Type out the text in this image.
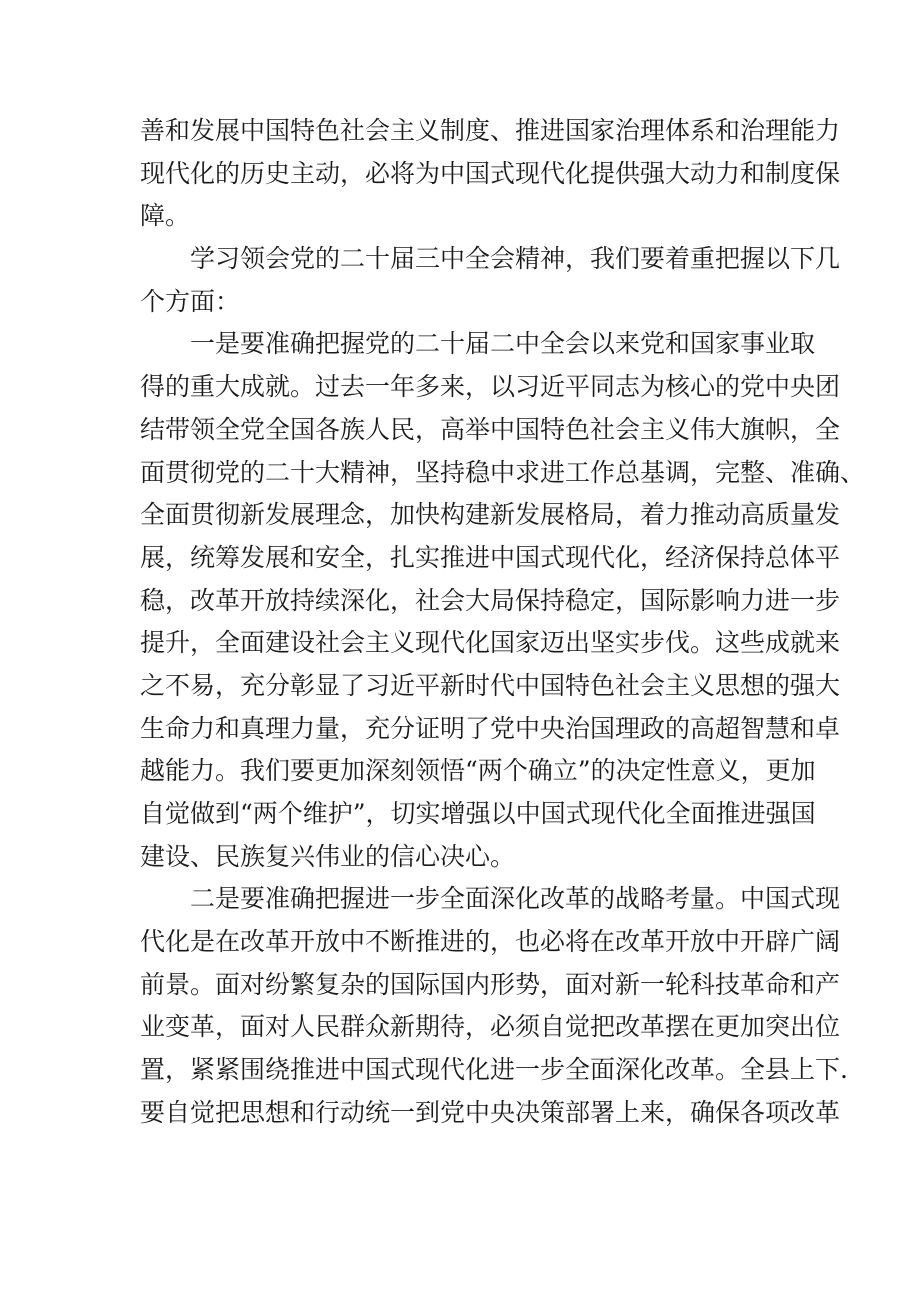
善和发展中国特色社会主义制度、推进国家治理体系和治理能力
现代化的历史主动，必将为中国式现代化提供强大动力和制度保
障。
学习领会党的二十届三中全会精神，我们要着重把握以下几
个方面：
一是要准确把握党的二十届二中全会以来党和国家事业取
得的重大成就。过去一年多来，以习近平同志为核心的党中央团
结带领全党全国各族人民，高举中国特色社会主义伟大旗帜，全
面贯彻党的二十大精神，坚持稳中求进工作总基调，完整、准确、
全面贯彻新发展理念，加快构建新发展格局，着力推动高质量发
展，统筹发展和安全，扎实推进中国式现代化，经济保持总体平
稳，改革开放持续深化，社会大局保持稳定，国际影响力进一步
提升，全面建设社会主义现代化国家迈出坚实步伐。这些成就来
之不易，充分彰显了习近平新时代中国特色社会主义思想的强大
生命力和真理力量，充分证明了党中央治国理政的高超智慧和卓
越能力。我们要更加深刻领悟“两个确立”的决定性意义，更加
自觉做到“两个维护”，切实增强以中国式现代化全面推进强国
建设、民族复兴伟业的信心决心。
二是要准确把握进一步全面深化改革的战略考量。中国式现
代化是在改革开放中不断推进的，也必将在改革开放中开辟广阔
前景。面对纷繁复杂的国际国内形势，面对新一轮科技革命和产
业变革，面对人民群众新期待，必须自觉把改革摆在更加突出位
置，紧紧围绕推进中国式现代化进一步全面深化改革。全县上下.
要自觉把思想和行动统一到党中央决策部署上来，确保各项改革
